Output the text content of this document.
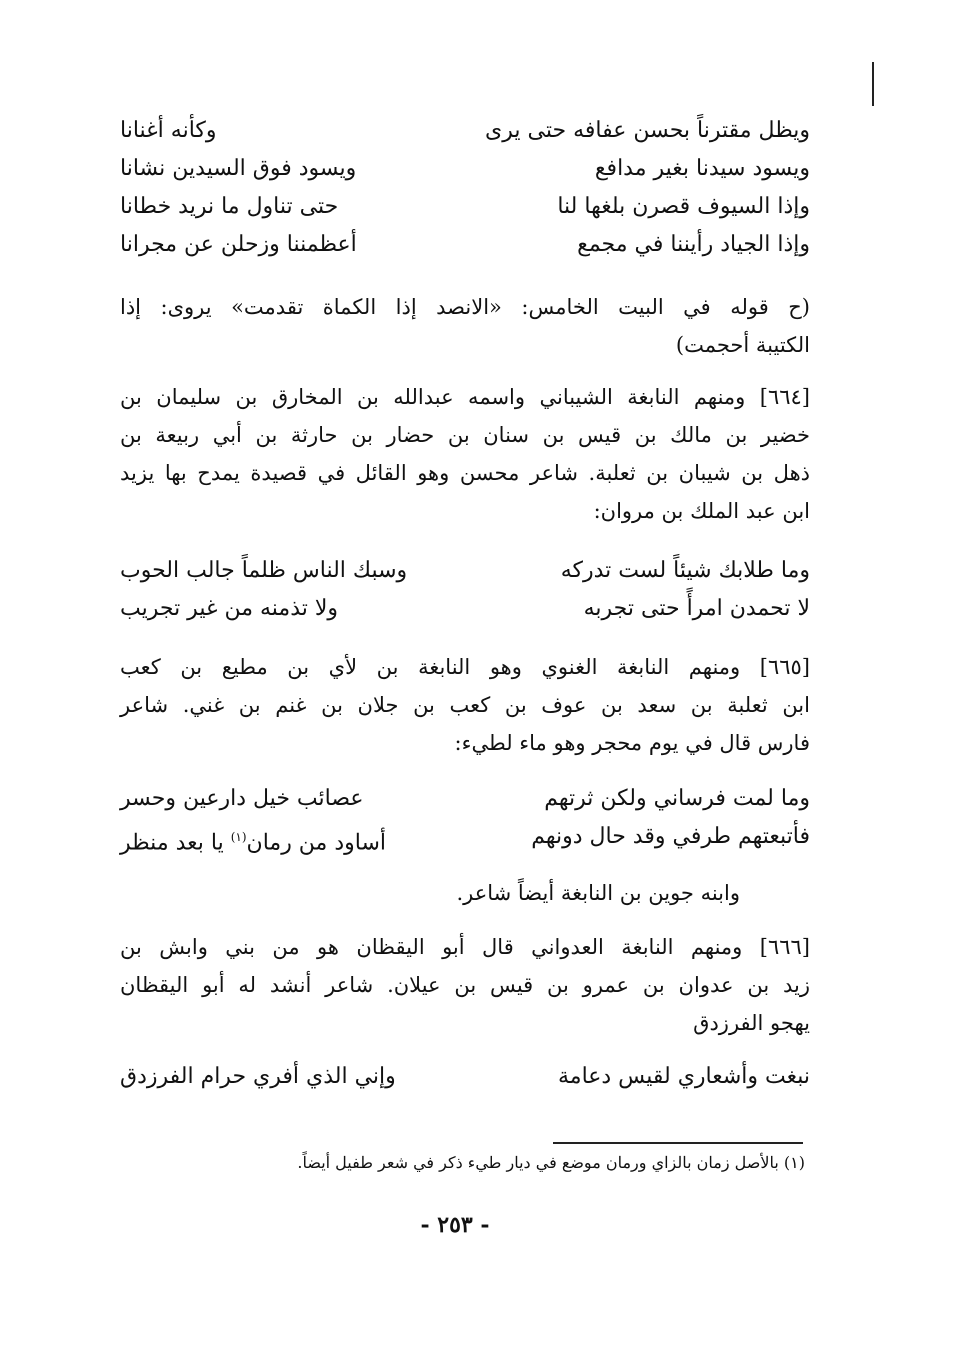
ويظل مقترناً بحسن عفافه حتى يرى
وكأنه أغنانا
ويسود سيدنا بغير مدافع
ويسود فوق السيدين نشانا
وإذا السيوف قصرن بلغها لنا
حتى تناول ما نريد خطانا
وإذا الجياد رأيننا في مجمع
أعظمننا وزحلن عن مجرانا
(ح قوله في البيت الخامس: «الانصد إذا الكماة تقدمت» يروى: إذا
الكتيبة أحجمت)
[٦٦٤] ومنهم النابغة الشيباني واسمه عبدالله بن المخارق بن سليمان بن
خضير بن مالك بن قيس بن سنان بن حضار بن حارثة بن أبي ربيعة بن
ذهل بن شيبان بن ثعلبة. شاعر محسن وهو القائل في قصيدة يمدح بها يزيد
ابن عبد الملك بن مروان:
وما طلابك شيئاً لست تدركه
وسبك الناس ظلماً جالب الحوب
لا تحمدن امرأً حتى تجربه
ولا تذمنه من غير تجريب
[٦٦٥] ومنهم النابغة الغنوي وهو النابغة بن لأي بن مطيع بن كعب
ابن ثعلبة بن سعد بن عوف بن كعب بن جلان بن غنم بن غني. شاعر
فارس قال في يوم محجر وهو ماء لطيء:
وما لمت فرساني ولكن ثرتهم
عصائب خيل دارعين وحسر
فأتبعتهم طرفي وقد حال دونهم
أساود من رمان$^{(١)}$ يا بعد منظر
وابنه جوين بن النابغة أيضاً شاعر.
[٦٦٦] ومنهم النابغة العدواني قال أبو اليقظان هو من بني وابش بن
زيد بن عدوان بن عمرو بن قيس بن عيلان. شاعر أنشد له أبو اليقظان
يهجو الفرزدق
نبغت وأشعاري لقيس دعامة
وإني الذي أفري حرام الفرزدق
(١) بالأصل زمان بالزاي ورمان موضع في ديار طيء ذكر في شعر طفيل أيضاً.
- ٢٥٣ -
